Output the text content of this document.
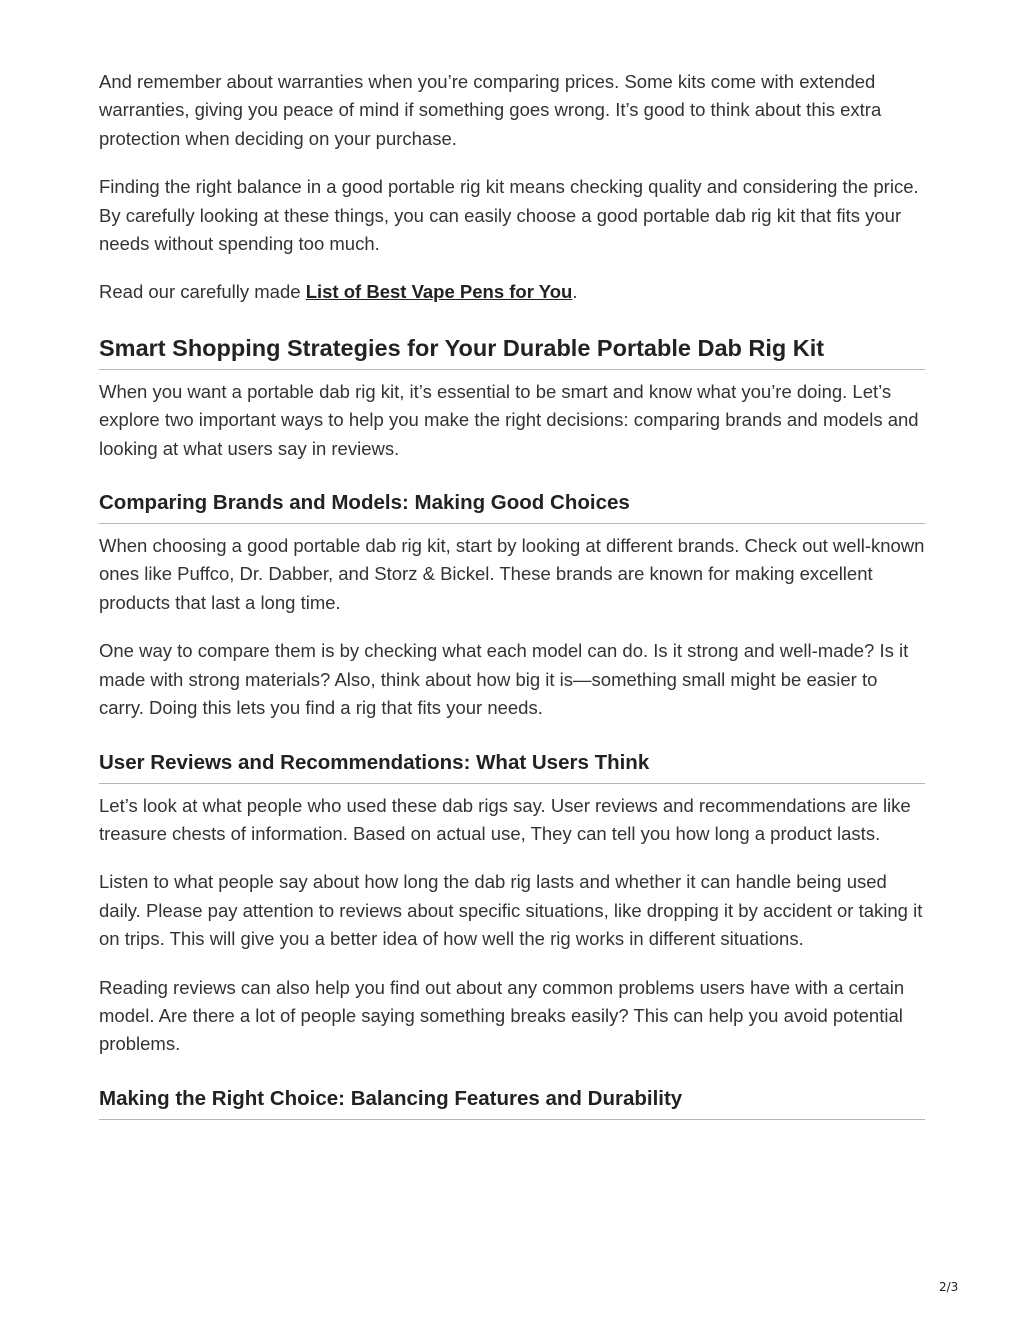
And remember about warranties when you’re comparing prices. Some kits come with extended warranties, giving you peace of mind if something goes wrong. It’s good to think about this extra protection when deciding on your purchase.

Finding the right balance in a good portable rig kit means checking quality and considering the price. By carefully looking at these things, you can easily choose a good portable dab rig kit that fits your needs without spending too much.

Read our carefully made List of Best Vape Pens for You.

Smart Shopping Strategies for Your Durable Portable Dab Rig Kit

When you want a portable dab rig kit, it’s essential to be smart and know what you’re doing. Let’s explore two important ways to help you make the right decisions: comparing brands and models and looking at what users say in reviews.

Comparing Brands and Models: Making Good Choices

When choosing a good portable dab rig kit, start by looking at different brands. Check out well-known ones like Puffco, Dr. Dabber, and Storz & Bickel. These brands are known for making excellent products that last a long time.

One way to compare them is by checking what each model can do. Is it strong and well-made? Is it made with strong materials? Also, think about how big it is—something small might be easier to carry. Doing this lets you find a rig that fits your needs.

User Reviews and Recommendations: What Users Think

Let’s look at what people who used these dab rigs say. User reviews and recommendations are like treasure chests of information. Based on actual use, They can tell you how long a product lasts.

Listen to what people say about how long the dab rig lasts and whether it can handle being used daily. Please pay attention to reviews about specific situations, like dropping it by accident or taking it on trips. This will give you a better idea of how well the rig works in different situations.

Reading reviews can also help you find out about any common problems users have with a certain model. Are there a lot of people saying something breaks easily? This can help you avoid potential problems.

Making the Right Choice: Balancing Features and Durability
2/3
